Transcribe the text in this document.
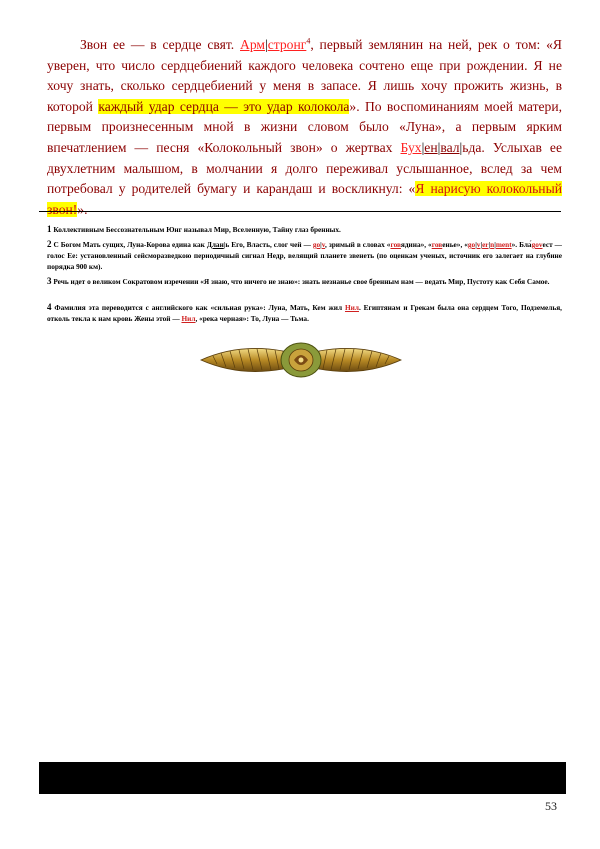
Звон ее — в сердце свят. Арм|стронг$^4$, первый землянин на ней, рек о том: «Я уверен, что число сердцебиений каждого человека сочтено еще при рождении. Я не хочу знать, сколько сердцебиений у меня в запасе. Я лишь хочу прожить жизнь, в которой каждый удар сердца — это удар колокола». По воспоминаниям моей матери, первым произнесенным мной в жизни словом было «Луна», а первым ярким впечатлением — песня «Колокольный звон» о жертвах Бух|ен|вал|ьда. Услыхав ее двухлетним малышом, в молчании я долго переживал услышанное, вслед за чем потребовал у родителей бумагу и карандаш и воскликнул: «Я нарисую колокольный звон!».
1 Коллективным Бессознательным Юнг называл Мир, Вселенную, Тайну глаз бренных.
2 С Богом Мать сущих, Луна-Корова едина как Длан|ь Его, Власть, слог чей — go|v, зримый в словах «говядина», «говенье», «go|v|er|n|ment». Бла́govест — голос Ее: установленный сейсморазведкою периодичный сигнал Недр, велящий планете звенеть (по оценкам ученых, источник его залегает на глубине порядка 900 км).
3 Речь идет о великом Сократовом изречении «Я знаю, что ничего не знаю»: знать незнанье свое бренным нам — ведать Мир, Пустоту как Себя Самое.
4 Фамилия эта переводится с английского как «сильная рука»: Луна, Мать, Кем жил Нил. Египтянам и Грекам была она сердцем Того, Подземелья, отколь текла к нам кровь Жены этой — Нил, «река черная»: То, Луна — Тьма.
53
